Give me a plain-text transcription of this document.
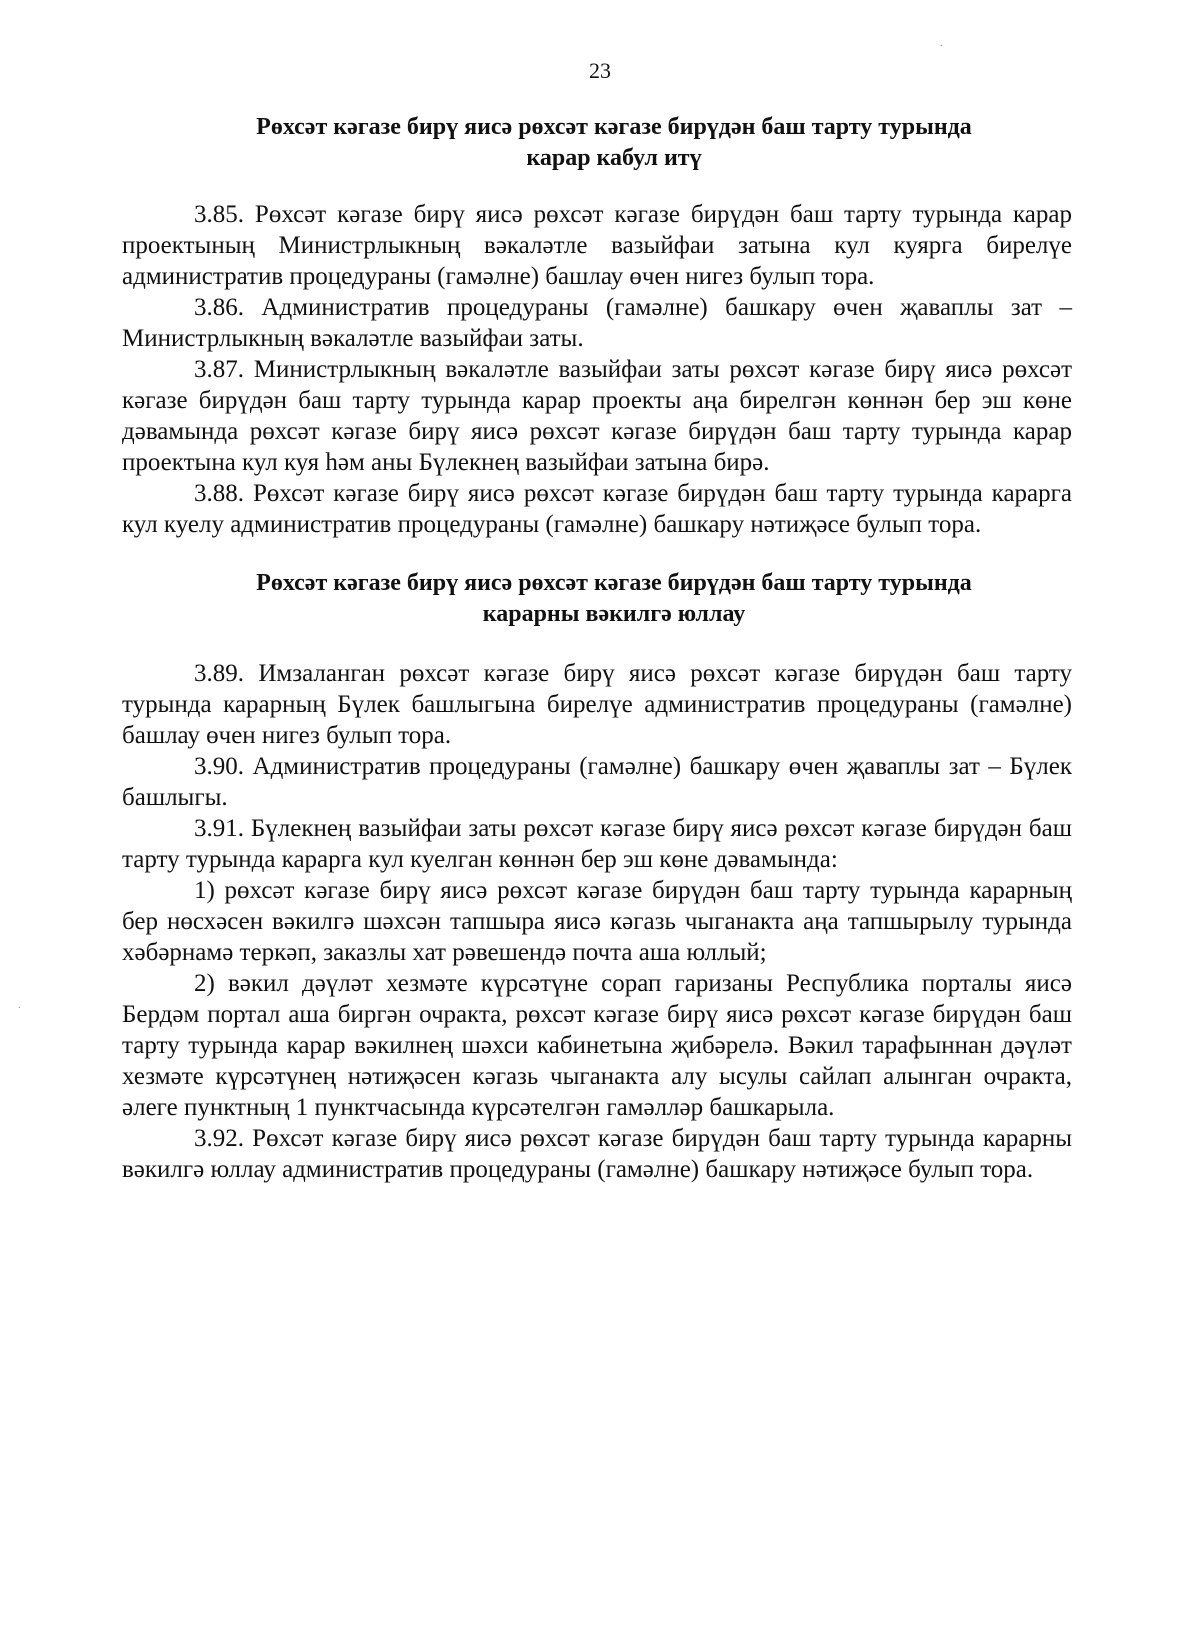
23
Рөхсәт кәгазе бирү яисә рөхсәт кәгазе бирүдән баш тарту турында
карар кабул итү

3.85. Рөхсәт кәгазе бирү яисә рөхсәт кәгазе бирүдән баш тарту турында карар проектының Министрлыкның вәкаләтле вазыйфаи затына кул куярга бирелүе административ процедураны (гамәлне) башлау өчен нигез булып тора.

3.86. Административ процедураны (гамәлне) башкару өчен җаваплы зат – Министрлыкның вәкаләтле вазыйфаи заты.

3.87. Министрлыкның вәкаләтле вазыйфаи заты рөхсәт кәгазе бирү яисә рөхсәт кәгазе бирүдән баш тарту турында карар проекты аңа бирелгән көннән бер эш көне дәвамында рөхсәт кәгазе бирү яисә рөхсәт кәгазе бирүдән баш тарту турында карар проектына кул куя һәм аны Бүлекнең вазыйфаи затына бирә.

3.88. Рөхсәт кәгазе бирү яисә рөхсәт кәгазе бирүдән баш тарту турында карарга кул куелу административ процедураны (гамәлне) башкару нәтиҗәсе булып тора.

Рөхсәт кәгазе бирү яисә рөхсәт кәгазе бирүдән баш тарту турында
карарны вәкилгә юллау

3.89. Имзаланган рөхсәт кәгазе бирү яисә рөхсәт кәгазе бирүдән баш тарту турында карарның Бүлек башлыгына бирелүе административ процедураны (гамәлне) башлау өчен нигез булып тора.

3.90. Административ процедураны (гамәлне) башкару өчен җаваплы зат – Бүлек башлыгы.

3.91. Бүлекнең вазыйфаи заты рөхсәт кәгазе бирү яисә рөхсәт кәгазе бирүдән баш тарту турында карарга кул куелган көннән бер эш көне дәвамында:

1) рөхсәт кәгазе бирү яисә рөхсәт кәгазе бирүдән баш тарту турында карарның бер нөсхәсен вәкилгә шәхсән тапшыра яисә кәгазь чыганакта аңа тапшырылу турында хәбәрнамә теркәп, заказлы хат рәвешендә почта аша юллый;

2) вәкил дәүләт хезмәте күрсәтүне сорап гаризаны Республика порталы яисә Бердәм портал аша биргән очракта, рөхсәт кәгазе бирү яисә рөхсәт кәгазе бирүдән баш тарту турында карар вәкилнең шәхси кабинетына җибәрелә. Вәкил тарафыннан дәүләт хезмәте күрсәтүнең нәтиҗәсен кәгазь чыганакта алу ысулы сайлап алынган очракта, әлеге пунктның 1 пунктчасында күрсәтелгән гамәлләр башкарыла.

3.92. Рөхсәт кәгазе бирү яисә рөхсәт кәгазе бирүдән баш тарту турында карарны вәкилгә юллау административ процедураны (гамәлне) башкару нәтиҗәсе булып тора.

.
.
